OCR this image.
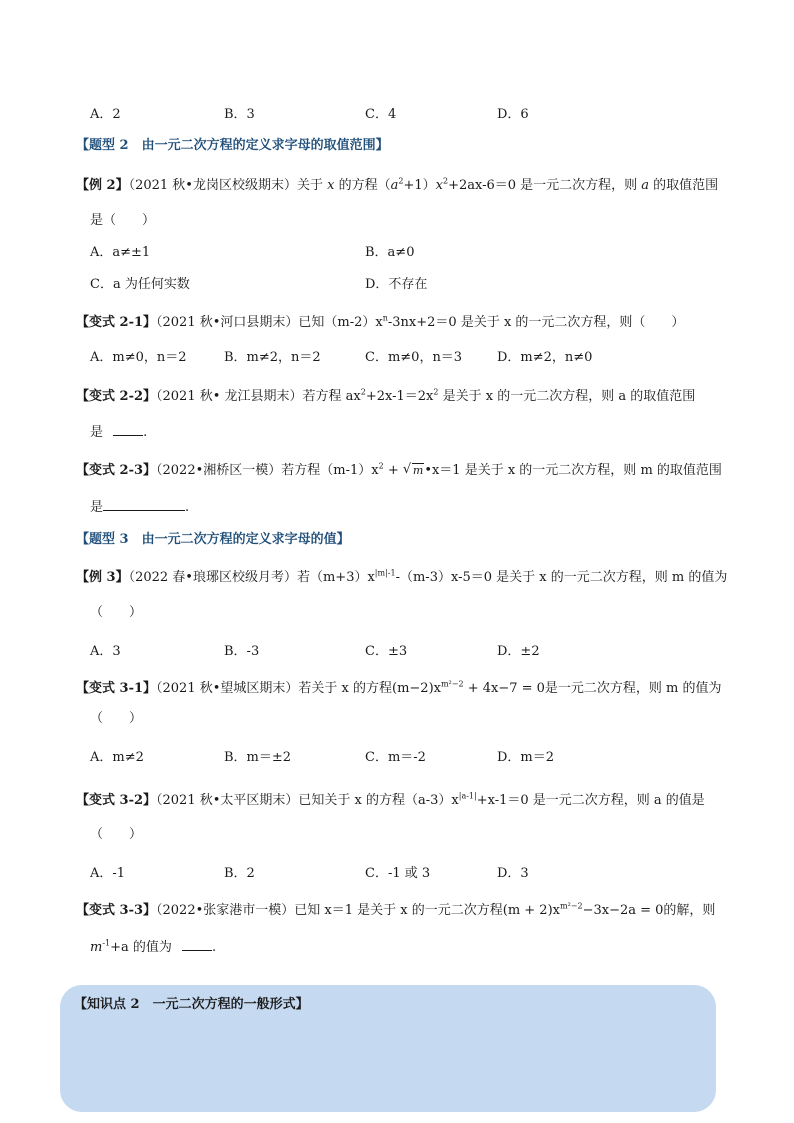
A．2	B．3	C．4	D．6
【题型 2　由一元二次方程的定义求字母的取值范围】
【例 2】（2021 秋•龙岗区校级期末）关于 x 的方程$(a^2+1)x^2+2ax-6=0$ 是一元二次方程，则 a 的取值范围
是（　　）
A．a≠±1	B．a≠0
C．a 为任何实数	D．不存在
【变式 2-1】（2021 秋•河口县期末）已知$(m-2)x^n-3nx+2=0$ 是关于 x 的一元二次方程，则（　　）
A．m≠0，n＝2	B．m≠2，n＝2	C．m≠0，n＝3	D．m≠2，n≠0
【变式 2-2】（2021 秋• 龙江县期末）若方程 $ax^2+2x-1=2x^2$ 是关于 x 的一元二次方程，则 a 的取值范围
是	.
【变式 2-3】（2022•湘桥区一模）若方程$(m-1)x^2$ + √ m•x＝1 是关于 x 的一元二次方程，则 m 的取值范围
是	.
【题型 3　由一元二次方程的定义求字母的值】
【例 3】（2022 春•琅琊区校级月考）若$(m+3)x^{|m|-1}-(m-3)x-5=0$ 是关于 x 的一元二次方程，则 m 的值为
（　　）
A．3	B．-3	C．±3	D．±2
【变式 3-1】（2021 秋•望城区期末）若关于 x 的方程$(m-2)x^{m^2-2} + 4x-7 = 0$是一元二次方程，则 m 的值为
（　　）
A．m≠2	B．m＝±2	C．m＝-2	D．m＝2
【变式 3-2】（2021 秋•太平区期末）已知关于 x 的方程$(a-3)x^{|a-1|}+x-1=0$ 是一元二次方程，则 a 的值是
（　　）
A．-1	B．2	C．-1 或 3	D．3
【变式 3-3】（2022•张家港市一模）已知 x＝1 是关于 x 的一元二次方程$(m + 2)x^{m^2-2}-3x-2a = 0$的解，则
$m^{-1}+a$ 的值为	.
【知识点 2　一元二次方程的一般形式】
